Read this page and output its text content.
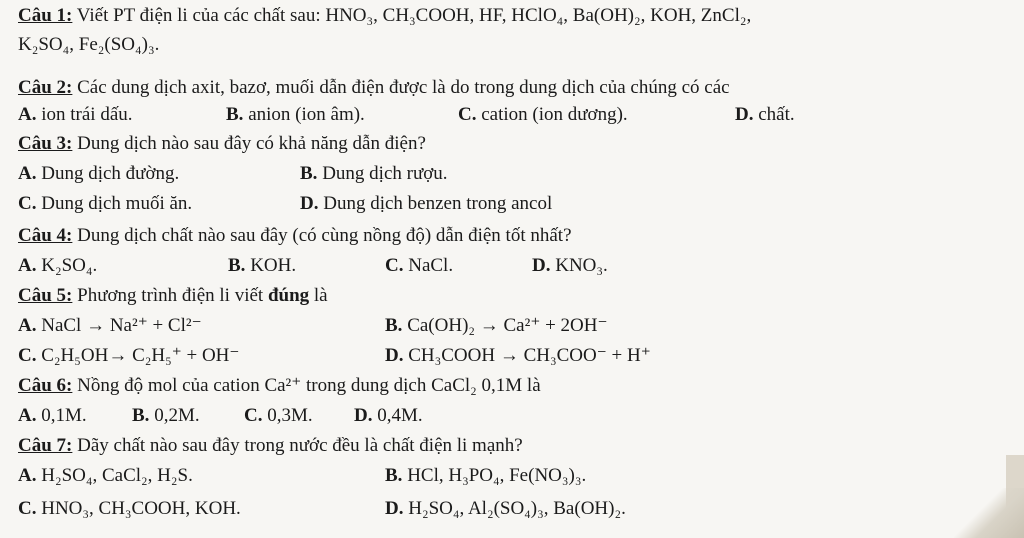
Câu 1: Viết PT điện li của các chất sau: HNO₃, CH₃COOH, HF, HClO₄, Ba(OH)₂, KOH, ZnCl₂,
K₂SO₄, Fe₂(SO₄)₃.
Câu 2: Các dung dịch axit, bazơ, muối dẫn điện được là do trong dung dịch của chúng có các
A. ion trái dấu.	B. anion (ion âm).	C. cation (ion dương).	D. chất.
Câu 3: Dung dịch nào sau đây có khả năng dẫn điện?
A. Dung dịch đường.	B. Dung dịch rượu.
C. Dung dịch muối ăn.	D. Dung dịch benzen trong ancol
Câu 4: Dung dịch chất nào sau đây (có cùng nồng độ) dẫn điện tốt nhất?
A. K₂SO₄.	B. KOH.	C. NaCl.	D. KNO₃.
Câu 5: Phương trình điện li viết đúng là
A. NaCl → Na²⁺ + Cl²⁻	B. Ca(OH)₂ → Ca²⁺ + 2OH⁻
C. C₂H₅OH→ C₂H₅⁺ + OH⁻	D. CH₃COOH → CH₃COO⁻ + H⁺
Câu 6: Nồng độ mol của cation Ca²⁺ trong dung dịch CaCl₂ 0,1M là
A. 0,1M. B. 0,2M. C. 0,3M. D. 0,4M.
Câu 7: Dãy chất nào sau đây trong nước đều là chất điện li mạnh?
A. H₂SO₄, CaCl₂, H₂S.	B. HCl, H₃PO₄, Fe(NO₃)₃.
C. HNO₃, CH₃COOH, KOH.	D. H₂SO₄, Al₂(SO₄)₃, Ba(OH)₂.
